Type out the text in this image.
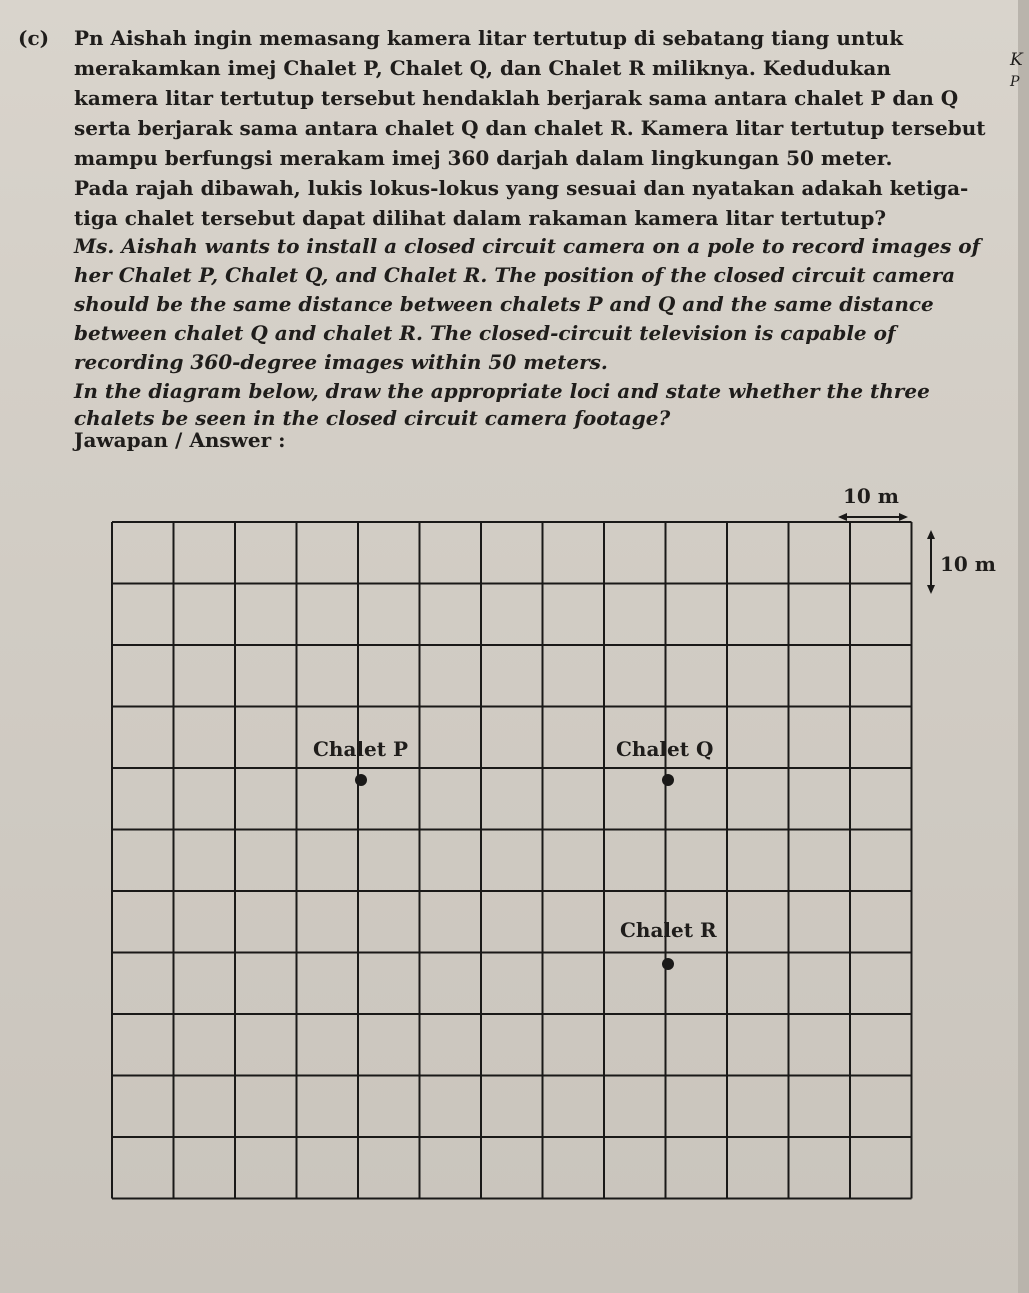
(c) Pn Aishah ingin memasang kamera litar tertutup di sebatang tiang untuk
merakamkan imej Chalet P, Chalet Q, dan Chalet R miliknya. Kedudukan
kamera litar tertutup tersebut hendaklah berjarak sama antara chalet P dan Q
serta berjarak sama antara chalet Q dan chalet R. Kamera litar tertutup tersebut
mampu berfungsi merakam imej 360 darjah dalam lingkungan 50 meter.
Pada rajah dibawah, lukis lokus-lokus yang sesuai dan nyatakan adakah ketiga-
tiga chalet tersebut dapat dilihat dalam rakaman kamera litar tertutup?
Ms. Aishah wants to install a closed circuit camera on a pole to record images of
her Chalet P, Chalet Q, and Chalet R. The position of the closed circuit camera
should be the same distance between chalets P and Q and the same distance
between chalet Q and chalet R. The closed-circuit television is capable of
recording 360-degree images within 50 meters.
In the diagram below, draw the appropriate loci and state whether the three
chalets be seen in the closed circuit camera footage?
Jawapan / Answer :
K
P
10 m
10 m
Chalet P	Chalet Q
Chalet R
